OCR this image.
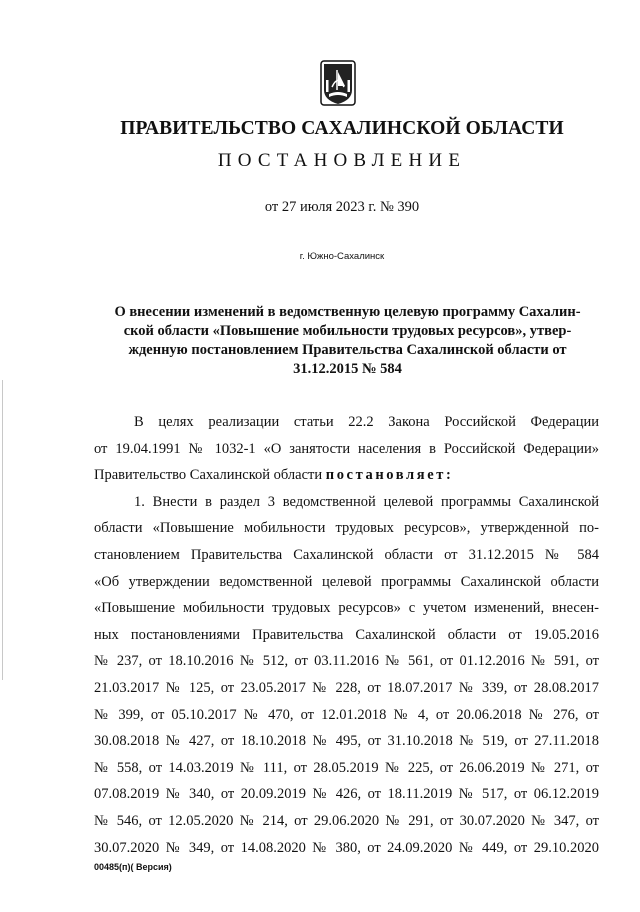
ПРАВИТЕЛЬСТВО САХАЛИНСКОЙ ОБЛАСТИ
ПОСТАНОВЛЕНИЕ
от 27 июля 2023 г. № 390
г. Южно-Сахалинск
О внесении изменений в ведомственную целевую программу Сахалин-
ской области «Повышение мобильности трудовых ресурсов», утвер-
жденную постановлением Правительства Сахалинской области от
31.12.2015 № 584
В целях реализации статьи 22.2 Закона Российской Федерации
от 19.04.1991 № 1032-1 «О занятости населения в Российской Федерации»
Правительство Сахалинской области постановляет:
1. Внести в раздел 3 ведомственной целевой программы Сахалинской
области «Повышение мобильности трудовых ресурсов», утвержденной по-
становлением Правительства Сахалинской области от 31.12.2015 № 584
«Об утверждении ведомственной целевой программы Сахалинской области
«Повышение мобильности трудовых ресурсов» с учетом изменений, внесен-
ных постановлениями Правительства Сахалинской области от 19.05.2016
№ 237, от 18.10.2016 № 512, от 03.11.2016 № 561, от 01.12.2016 № 591, от
21.03.2017 № 125, от 23.05.2017 № 228, от 18.07.2017 № 339, от 28.08.2017
№ 399, от 05.10.2017 № 470, от 12.01.2018 № 4, от 20.06.2018 № 276, от
30.08.2018 № 427, от 18.10.2018 № 495, от 31.10.2018 № 519, от 27.11.2018
№ 558, от 14.03.2019 № 111, от 28.05.2019 № 225, от 26.06.2019 № 271, от
07.08.2019 № 340, от 20.09.2019 № 426, от 18.11.2019 № 517, от 06.12.2019
№ 546, от 12.05.2020 № 214, от 29.06.2020 № 291, от 30.07.2020 № 347, от
30.07.2020 № 349, от 14.08.2020 № 380, от 24.09.2020 № 449, от 29.10.2020
00485(п)( Версия)
